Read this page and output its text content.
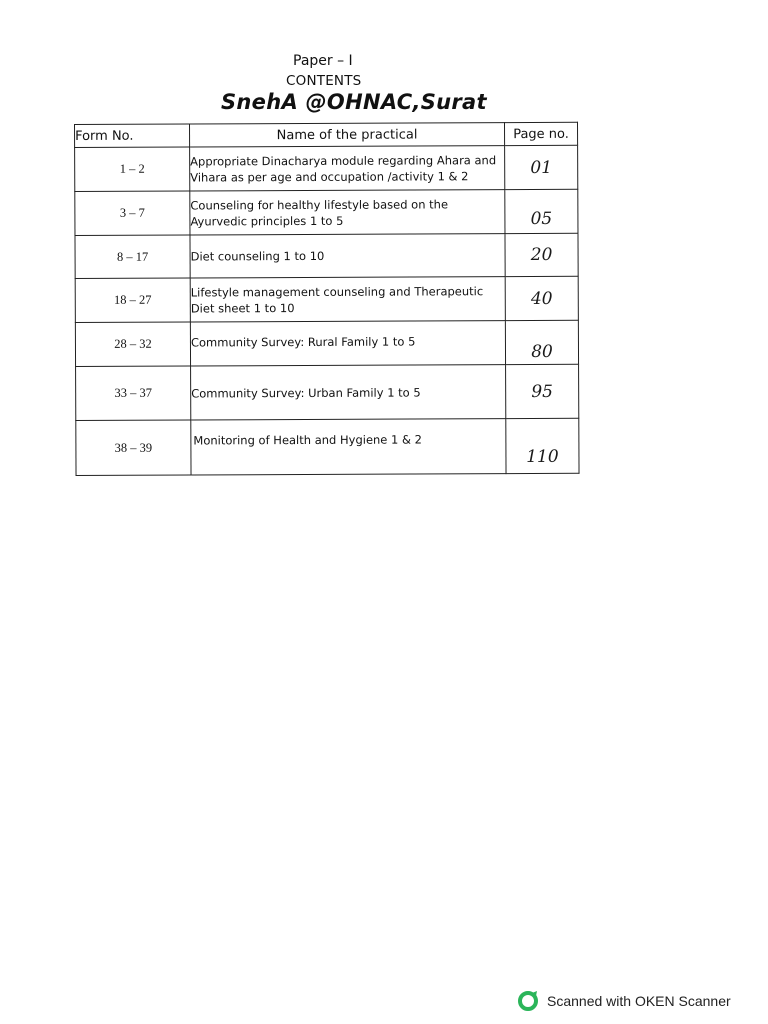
Paper – I
CONTENTS
SnehA @OHNAC,Surat
Form No.	Name of the practical	Page no.
1 – 2	Appropriate Dinacharya module regarding Ahara and Vihara as per age and occupation /activity 1 & 2	01
3 – 7	Counseling for healthy lifestyle based on the Ayurvedic principles 1 to 5	05
8 – 17	Diet counseling 1 to 10	20
18 – 27	Lifestyle management counseling and Therapeutic Diet sheet 1 to 10	40
28 – 32	Community Survey: Rural Family 1 to 5	80
33 – 37	Community Survey: Urban Family 1 to 5	95
38 – 39	Monitoring of Health and Hygiene 1 & 2	110
Scanned with OKEN Scanner
